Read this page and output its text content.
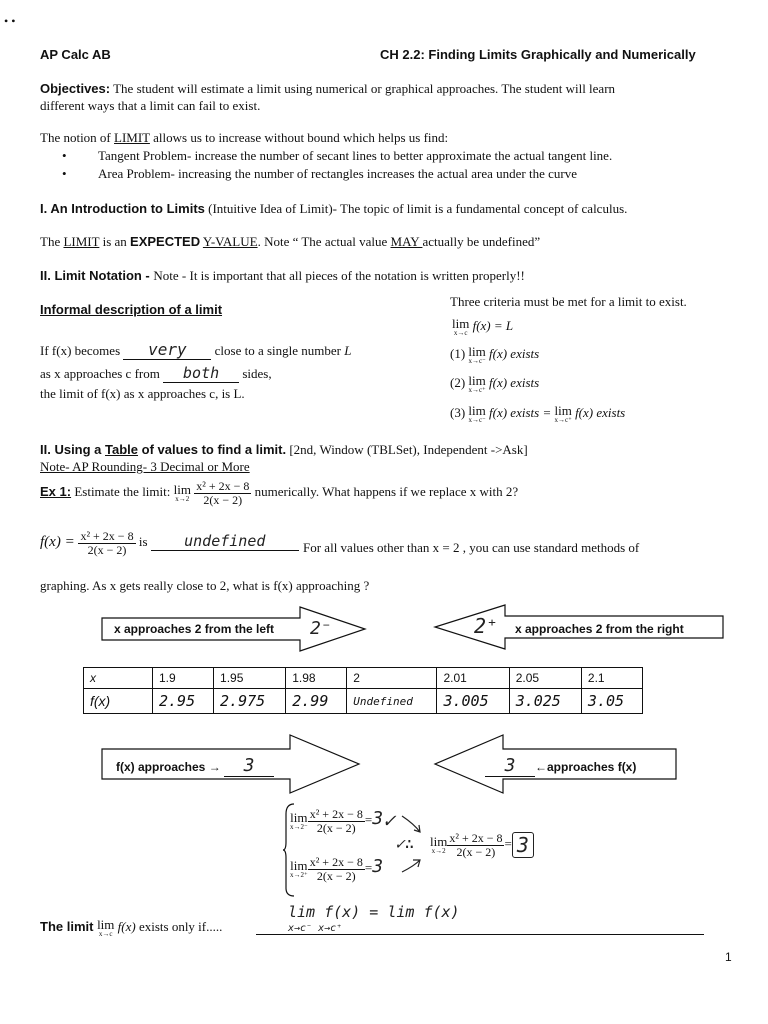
• •
AP Calc AB	CH 2.2: Finding Limits Graphically and Numerically
Objectives: The student will estimate a limit using numerical or graphical approaches. The student will learn
different ways that a limit can fail to exist.
The notion of LIMIT allows us to increase without bound which helps us find:
• Tangent Problem- increase the number of secant lines to better approximate the actual tangent line.
• Area Problem- increasing the number of rectangles increases the actual area under the curve
I. An Introduction to Limits (Intuitive Idea of Limit)- The topic of limit is a fundamental concept of calculus.
The LIMIT is an EXPECTED Y-VALUE. Note “ The actual value MAY actually be undefined”
II. Limit Notation - Note - It is important that all pieces of the notation is written properly!!
Informal description of a limit
If f(x) becomes very close to a single number L
as x approaches c from both sides,
the limit of f(x) as x approaches c, is L.
Three criteria must be met for a limit to exist.
lim
x→c
f(x) = L
(1) lim
x→c⁻
f(x) exists
(2) lim
x→c⁺
f(x) exists
(3) lim
x→c⁻
f(x) exists = lim
x→c⁺
f(x) exists
II. Using a Table of values to find a limit. [2nd, Window (TBLSet), Independent ->Ask]
Note- AP Rounding- 3 Decimal or More
Ex 1: Estimate the limit: lim
x→2
$\frac{\text{x² + 2x − 8}}{2(x - 2)}$ numerically. What happens if we replace x with 2?
$f(x) = \frac{\text{x² + 2x − 8}}{2(x - 2)}$ is undefined	For all values other than x = 2 , you can use standard methods of
graphing. As x gets really close to 2, what is f(x) approaching ?
x approaches 2 from the left 2⁻	2⁺ x approaches 2 from the right
x	1.9	1.95	1.98	2	2.01	2.05	2.1
f(x)	2.95	2.975	2.99	Undefined	3.005	3.025	3.05
f(x) approaches → 3	3 ←approaches f(x)
lim
$x\to 2^- \frac{\text{x² + 2x − 8}}{2(x - 2)}$ =3✓
lim
$x\to 2^+ \frac{\text{x² + 2x − 8}}{2(x - 2)} =3$
✓∴ lim
$x\to 2 \frac{\text{x² + 2x − 8}}{2(x - 2)} = 3$
The limit lim
x→c
f(x) exists only if.....
lim f(x) = lim f(x)
x→c⁻ x→c⁺
1
